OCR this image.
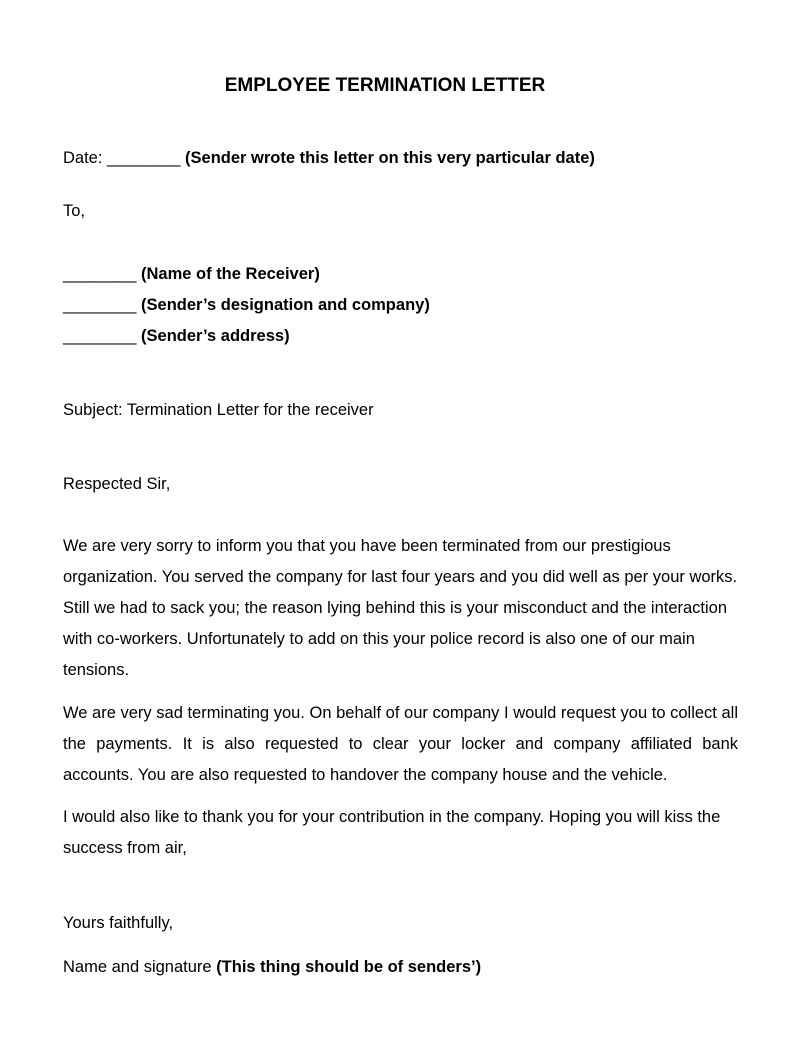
EMPLOYEE TERMINATION LETTER
Date: ________ (Sender wrote this letter on this very particular date)
To,
________ (Name of the Receiver)
________ (Sender’s designation and company)
________ (Sender’s address)
Subject: Termination Letter for the receiver
Respected Sir,
We are very sorry to inform you that you have been terminated from our prestigious organization. You served the company for last four years and you did well as per your works. Still we had to sack you; the reason lying behind this is your misconduct and the interaction with co-workers. Unfortunately to add on this your police record is also one of our main tensions.
We are very sad terminating you. On behalf of our company I would request you to collect all the payments. It is also requested to clear your locker and company affiliated bank accounts. You are also requested to handover the company house and the vehicle.
I would also like to thank you for your contribution in the company. Hoping you will kiss the success from air,
Yours faithfully,
Name and signature (This thing should be of senders’)
